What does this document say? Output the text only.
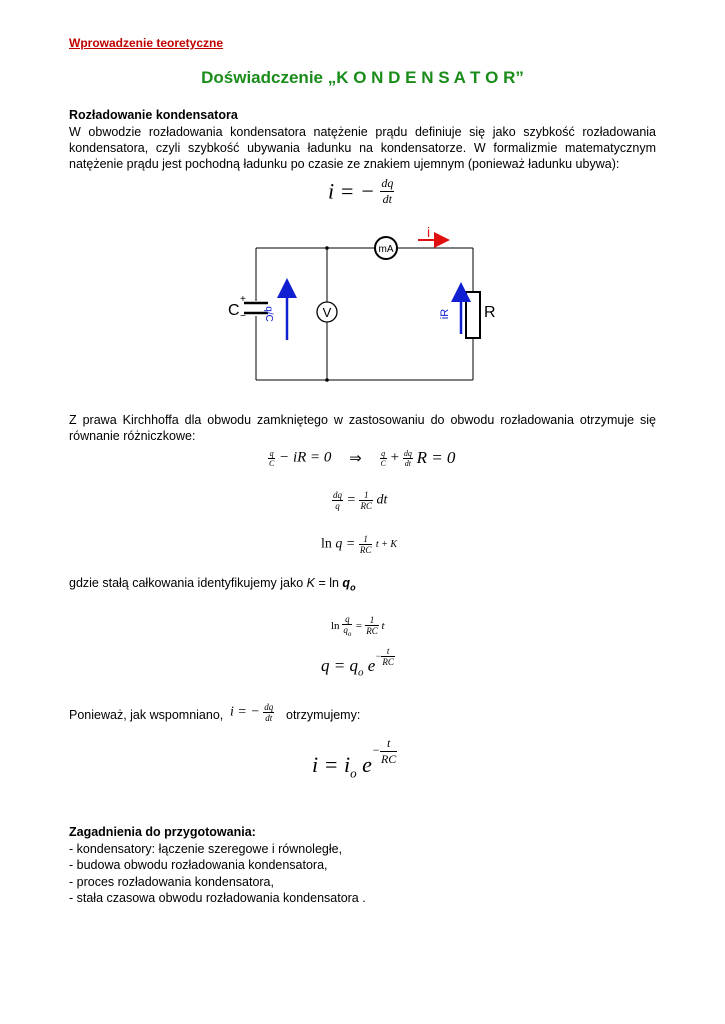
Wprowadzenie teoretyczne
Doświadczenie „K O N D E N S A T O R”
Rozładowanie kondensatora

W obwodzie rozładowania kondensatora natężenie prądu definiuje się jako szybkość rozładowania kondensatora, czyli szybkość ubywania ładunku na kondensatorze. W formalizmie matematycznym natężenie prądu jest pochodną ładunku po czasie ze znakiem ujemnym (ponieważ ładunku ubywa):

i = − $\frac{dq}{dt}$
C
+
− q/C	V
mA
i
R
iR

Z prawa Kirchhoffa dla obwodu zamkniętego w zastosowaniu do obwodu rozładowania otrzymuje się równanie różniczkowe:

$\frac{q}{C}$ − iR = 0 ⇒ $\frac{q}{C} + \frac{dq}{dt}$ R = 0
$\frac{dq}{q} = \frac{1}{RC}$ dt
$\ln q = \frac{1}{RC}$ t + K
gdzie stałą całkowania identyfikujemy jako $K = \ln q_o$
$\ln \frac{q}{q_o} = \frac{1}{RC}$ t
$q = q_o$ $e^{- \frac{t}{RC}}$
Ponieważ, jak wspomniano, i = − $\frac{dq}{dt}$ otrzymujemy:
$i = i_o$ $e^{- \frac{t}{RC}}$
Zagadnienia do przygotowania:
- kondensatory: łączenie szeregowe i równoległe,
- budowa obwodu rozładowania kondensatora,
- proces rozładowania kondensatora,
- stała czasowa obwodu rozładowania kondensatora .
